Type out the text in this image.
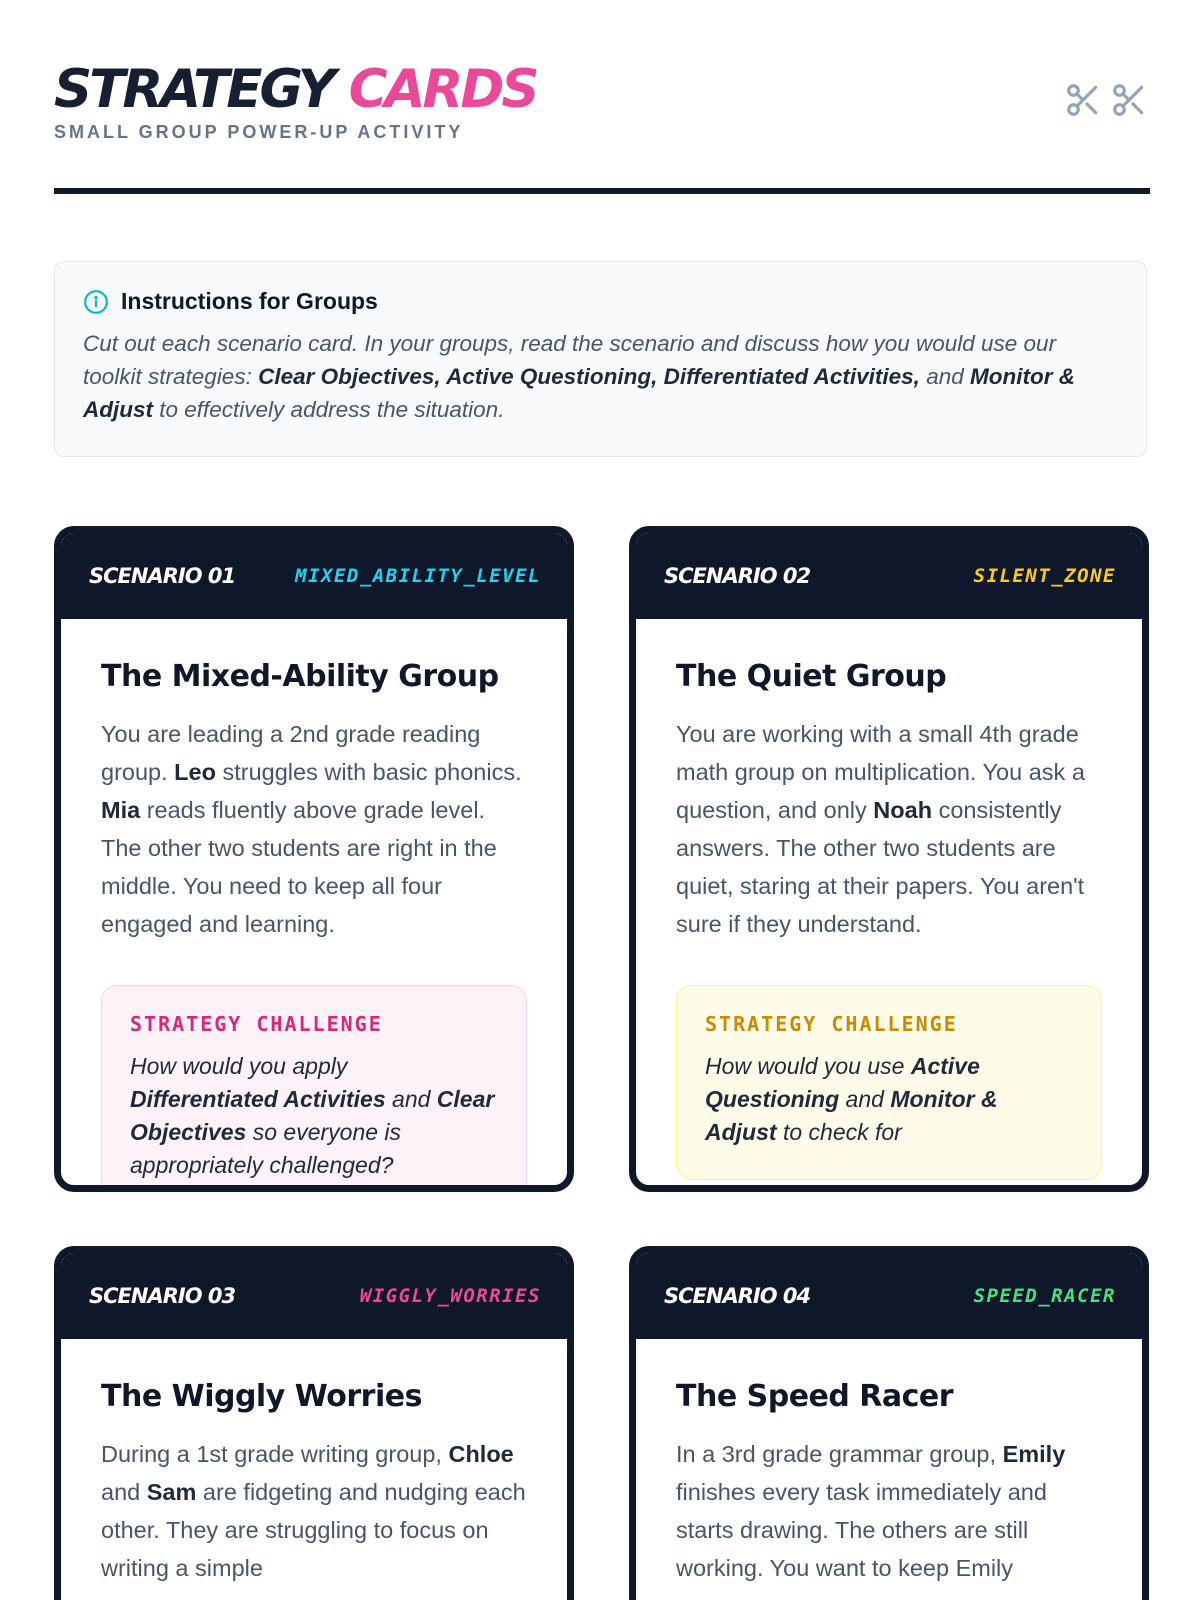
STRATEGY CARDS
SMALL GROUP POWER-UP ACTIVITY
Instructions for Groups
Cut out each scenario card. In your groups, read the scenario and discuss how you would use our toolkit strategies: Clear Objectives, Active Questioning, Differentiated Activities, and Monitor & Adjust to effectively address the situation.
SCENARIO 01	MIXED_ABILITY_LEVEL
The Mixed-Ability Group
You are leading a 2nd grade reading group. Leo struggles with basic phonics. Mia reads fluently above grade level. The other two students are right in the middle. You need to keep all four engaged and learning.
STRATEGY CHALLENGE
How would you apply Differentiated Activities and Clear Objectives so everyone is appropriately challenged?
SCENARIO 02	SILENT_ZONE
The Quiet Group
You are working with a small 4th grade math group on multiplication. You ask a question, and only Noah consistently answers. The other two students are quiet, staring at their papers. You aren't sure if they understand.
STRATEGY CHALLENGE
How would you use Active Questioning and Monitor & Adjust to check for
SCENARIO 03	WIGGLY_WORRIES
The Wiggly Worries
During a 1st grade writing group, Chloe and Sam are fidgeting and nudging each other. They are struggling to focus on writing a simple
SCENARIO 04	SPEED_RACER
The Speed Racer
In a 3rd grade grammar group, Emily finishes every task immediately and starts drawing. The others are still working. You want to keep Emily
